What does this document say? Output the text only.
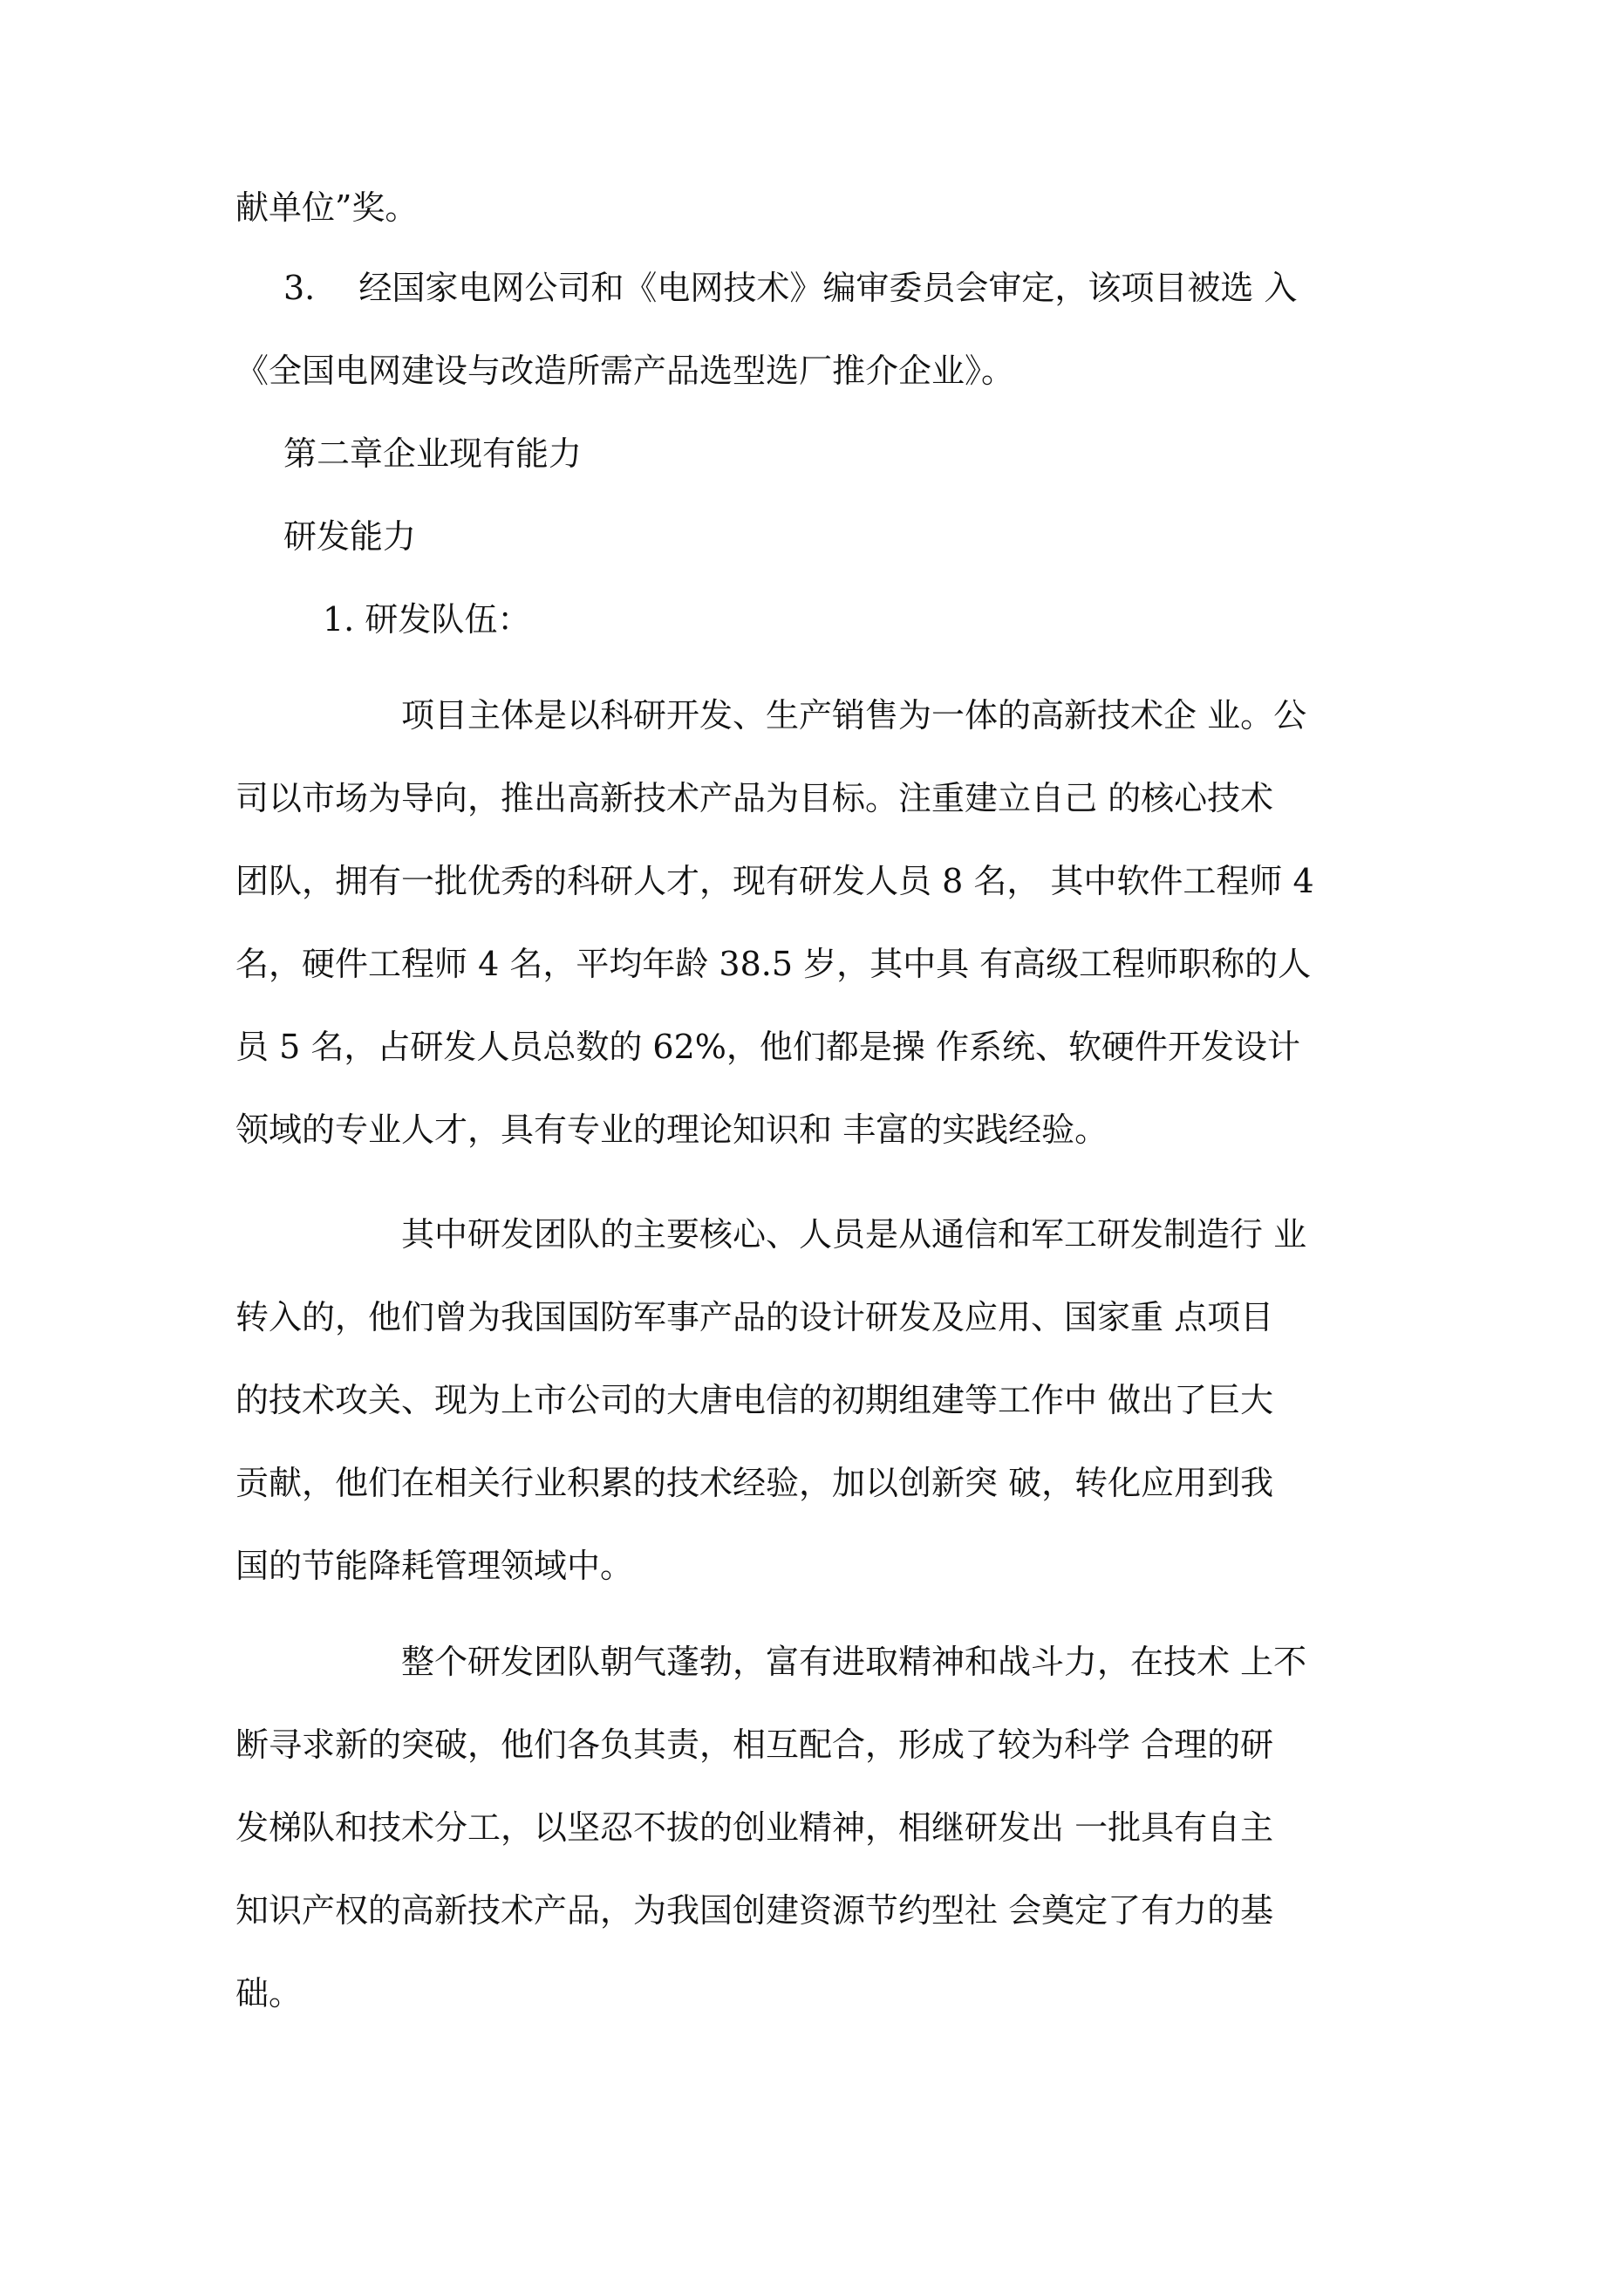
献单位”奖。

3.　 经国家电网公司和《电网技术》编审委员会审定，该项目被选 入

《全国电网建设与改造所需产品选型选厂推介企业》。

第二章企业现有能力

研发能力

1. 研发队伍：

项目主体是以科研开发、生产销售为一体的高新技术企 业。公

司以市场为导向，推出高新技术产品为目标。注重建立自己 的核心技术

团队，拥有一批优秀的科研人才，现有研发人员 8 名， 其中软件工程师 4

名，硬件工程师 4 名，平均年龄 38.5 岁，其中具 有高级工程师职称的人

员 5 名，占研发人员总数的 62%，他们都是操 作系统、软硬件开发设计

领域的专业人才，具有专业的理论知识和 丰富的实践经验。

其中研发团队的主要核心、人员是从通信和军工研发制造行 业

转入的，他们曾为我国国防军事产品的设计研发及应用、国家重 点项目

的技术攻关、现为上市公司的大唐电信的初期组建等工作中 做出了巨大

贡献，他们在相关行业积累的技术经验，加以创新突 破，转化应用到我

国的节能降耗管理领域中。

整个研发团队朝气蓬勃，富有进取精神和战斗力，在技术 上不

断寻求新的突破，他们各负其责，相互配合，形成了较为科学 合理的研

发梯队和技术分工，以坚忍不拔的创业精神，相继研发出 一批具有自主

知识产权的高新技术产品，为我国创建资源节约型社 会奠定了有力的基

础。
